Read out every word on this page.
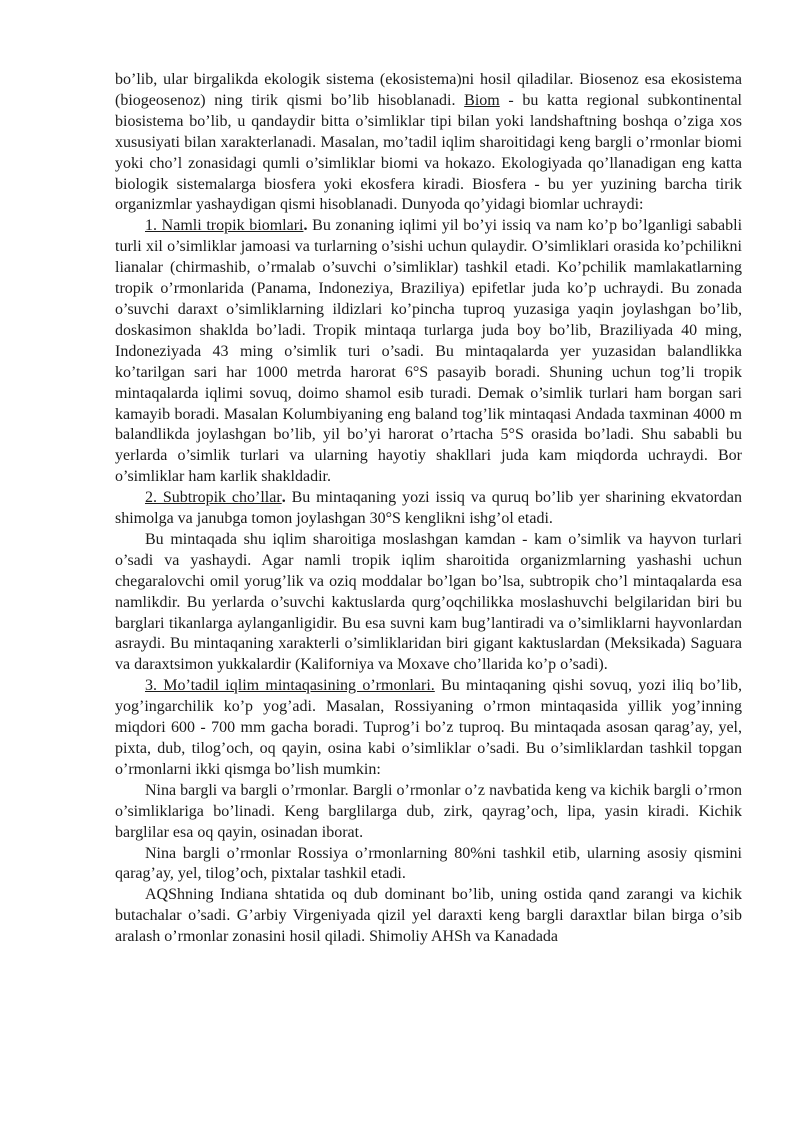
bo’lib, ular birgalikda ekologik sistema (ekosistema)ni hosil qiladilar. Biosenoz esa ekosistema (biogeosenoz) ning tirik qismi bo’lib hisoblanadi. Biom - bu katta regional subkontinental biosistema bo’lib, u qandaydir bitta o’simliklar tipi bilan yoki landshaftning boshqa o’ziga xos xususiyati bilan xarakterlanadi. Masalan, mo’tadil iqlim sharoitidagi keng bargli o’rmonlar biomi yoki cho’l zonasidagi qumli o’simliklar biomi va hokazo. Ekologiyada qo’llanadigan eng katta biologik sistemalarga biosfera yoki ekosfera kiradi. Biosfera - bu yer yuzining barcha tirik organizmlar yashaydigan qismi hisoblanadi. Dunyoda qo’yidagi biomlar uchraydi:

1. Namli tropik biomlari. Bu zonaning iqlimi yil bo’yi issiq va nam ko’p bo’lganligi sababli turli xil o’simliklar jamoasi va turlarning o’sishi uchun qulaydir. O’simliklari orasida ko’pchilikni lianalar (chirmashib, o’rmalab o’suvchi o’simliklar) tashkil etadi. Ko’pchilik mamlakatlarning tropik o’rmonlarida (Panama, Indoneziya, Braziliya) epifetlar juda ko’p uchraydi. Bu zonada o’suvchi daraxt o’simliklarning ildizlari ko’pincha tuproq yuzasiga yaqin joylashgan bo’lib, doskasimon shaklda bo’ladi. Tropik mintaqa turlarga juda boy bo’lib, Braziliyada 40 ming, Indoneziyada 43 ming o’simlik turi o’sadi. Bu mintaqalarda yer yuzasidan balandlikka ko’tarilgan sari har 1000 metrda harorat 6°S pasayib boradi. Shuning uchun tog’li tropik mintaqalarda iqlimi sovuq, doimo shamol esib turadi. Demak o’simlik turlari ham borgan sari kamayib boradi. Masalan Kolumbiyaning eng baland tog’lik mintaqasi Andada taxminan 4000 m balandlikda joylashgan bo’lib, yil bo’yi harorat o’rtacha 5°S orasida bo’ladi. Shu sababli bu yerlarda o’simlik turlari va ularning hayotiy shakllari juda kam miqdorda uchraydi. Bor o’simliklar ham karlik shakldadir.

2. Subtropik cho’llar. Bu mintaqaning yozi issiq va quruq bo’lib yer sharining ekvatordan shimolga va janubga tomon joylashgan 30°S kenglikni ishg’ol etadi.

Bu mintaqada shu iqlim sharoitiga moslashgan kamdan - kam o’simlik va hayvon turlari o’sadi va yashaydi. Agar namli tropik iqlim sharoitida organizmlarning yashashi uchun chegaralovchi omil yorug’lik va oziq moddalar bo’lgan bo’lsa, subtropik cho’l mintaqalarda esa namlikdir. Bu yerlarda o’suvchi kaktuslarda qurg’oqchilikka moslashuvchi belgilaridan biri bu barglari tikanlarga aylanganligidir. Bu esa suvni kam bug’lantiradi va o’simliklarni hayvonlardan asraydi. Bu mintaqaning xarakterli o’simliklaridan biri gigant kaktuslardan (Meksikada) Saguara va daraxtsimon yukkalardir (Kaliforniya va Moxave cho’llarida ko’p o’sadi).

3. Mo’tadil iqlim mintaqasining o’rmonlari. Bu mintaqaning qishi sovuq, yozi iliq bo’lib, yog’ingarchilik ko’p yog’adi. Masalan, Rossiyaning o’rmon mintaqasida yillik yog’inning miqdori 600 - 700 mm gacha boradi. Tuprog’i bo’z tuproq. Bu mintaqada asosan qarag’ay, yel, pixta, dub, tilog’och, oq qayin, osina kabi o’simliklar o’sadi. Bu o’simliklardan tashkil topgan o’rmonlarni ikki qismga bo’lish mumkin:

Nina bargli va bargli o’rmonlar. Bargli o’rmonlar o’z navbatida keng va kichik bargli o’rmon o’simliklariga bo’linadi. Keng barglilarga dub, zirk, qayrag’och, lipa, yasin kiradi. Kichik barglilar esa oq qayin, osinadan iborat.

Nina bargli o’rmonlar Rossiya o’rmonlarning 80%ni tashkil etib, ularning asosiy qismini qarag’ay, yel, tilog’och, pixtalar tashkil etadi.

AQShning Indiana shtatida oq dub dominant bo’lib, uning ostida qand zarangi va kichik butachalar o’sadi. G’arbiy Virgeniyada qizil yel daraxti keng bargli daraxtlar bilan birga o’sib aralash o’rmonlar zonasini hosil qiladi. Shimoliy AHSh va Kanadada
